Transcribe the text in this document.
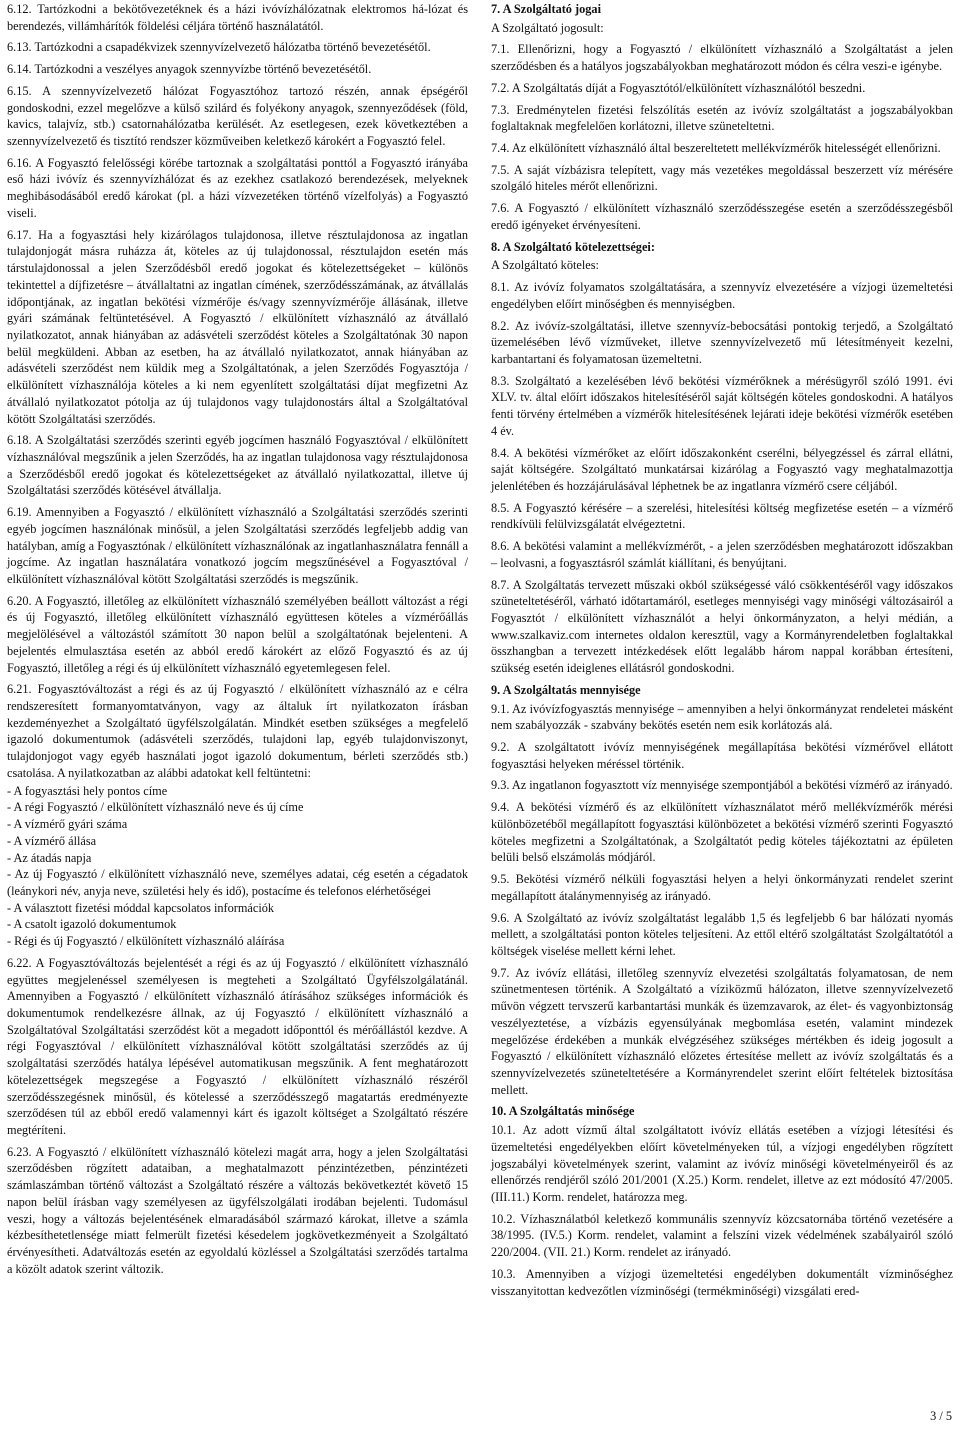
6.12. Tartózkodni a bekötővezetéknek és a házi ivóvízhálózatnak elektromos há-lózat és berendezés, villámhárítók földelési céljára történő használatától.

6.13. Tartózkodni a csapadékvizek szennyvízelvezető hálózatba történő bevezetésétől.

6.14. Tartózkodni a veszélyes anyagok szennyvízbe történő bevezetésétől.

6.15. A szennyvízelvezető hálózat Fogyasztóhoz tartozó részén, annak épségéről gondoskodni, ezzel megelőzve a külső szilárd és folyékony anyagok, szennyeződések (föld, kavics, talajvíz, stb.) csatornahálózatba kerülését. Az esetlegesen, ezek következtében a szennyvízelvezető és tisztító rendszer közműveiben keletkező károkért a Fogyasztó felel.

6.16. A Fogyasztó felelősségi körébe tartoznak a szolgáltatási ponttól a Fogyasztó irányába eső házi ivóvíz és szennyvízhálózat és az ezekhez csatlakozó berendezések, melyeknek meghibásodásából eredő károkat (pl. a házi vízvezetéken történő vízelfolyás) a Fogyasztó viseli.

6.17. Ha a fogyasztási hely kizárólagos tulajdonosa, illetve résztulajdonosa az ingatlan tulajdonjogát másra ruházza át, köteles az új tulajdonossal, résztulajdon esetén más társtulajdonossal a jelen Szerződésből eredő jogokat és kötelezettségeket – különös tekintettel a díjfizetésre – átvállaltatni az ingatlan címének, szerződésszámának, az átvállalás időpontjának, az ingatlan bekötési vízmérője és/vagy szennyvízmérője állásának, illetve gyári számának feltüntetésével. A Fogyasztó / elkülönített vízhasználó az átvállaló nyilatkozatot, annak hiányában az adásvételi szerződést köteles a Szolgáltatónak 30 napon belül megküldeni. Abban az esetben, ha az átvállaló nyilatkozatot, annak hiányában az adásvételi szerződést nem küldik meg a Szolgáltatónak, a jelen Szerződés Fogyasztója / elkülönített vízhasználója köteles a ki nem egyenlített szolgáltatási díjat megfizetni Az átvállaló nyilatkozatot pótolja az új tulajdonos vagy tulajdonostárs által a Szolgáltatóval kötött Szolgáltatási szerződés.

6.18. A Szolgáltatási szerződés szerinti egyéb jogcímen használó Fogyasztóval / elkülönített vízhasználóval megszűnik a jelen Szerződés, ha az ingatlan tulajdonosa vagy résztulajdonosa a Szerződésből eredő jogokat és kötelezettségeket az átvállaló nyilatkozattal, illetve új Szolgáltatási szerződés kötésével átvállalja.

6.19. Amennyiben a Fogyasztó / elkülönített vízhasználó a Szolgáltatási szerződés szerinti egyéb jogcímen használónak minősül, a jelen Szolgáltatási szerződés legfeljebb addig van hatályban, amíg a Fogyasztónak / elkülönített vízhasználónak az ingatlanhasználatra fennáll a jogcíme. Az ingatlan használatára vonatkozó jogcím megszűnésével a Fogyasztóval / elkülönített vízhasználóval kötött Szolgáltatási szerződés is megszűnik.

6.20. A Fogyasztó, illetőleg az elkülönített vízhasználó személyében beállott változást a régi és új Fogyasztó, illetőleg elkülönített vízhasználó együttesen köteles a vízmérőállás megjelölésével a változástól számított 30 napon belül a szolgáltatónak bejelenteni. A bejelentés elmulasztása esetén az abból eredő károkért az előző Fogyasztó és az új Fogyasztó, illetőleg a régi és új elkülönített vízhasználó egyetemlegesen felel.

6.21. Fogyasztóváltozást a régi és az új Fogyasztó / elkülönített vízhasználó az e célra rendszeresített formanyomtatványon, vagy az általuk írt nyilatkozaton írásban kezdeményezhet a Szolgáltató ügyfélszolgálatán. Mindkét esetben szükséges a megfelelő igazoló dokumentumok (adásvételi szerződés, tulajdoni lap, egyéb tulajdonviszonyt, tulajdonjogot vagy egyéb használati jogot igazoló dokumentum, bérleti szerződés stb.) csatolása. A nyilatkozatban az alábbi adatokat kell feltüntetni:

- A fogyasztási hely pontos címe
- A régi Fogyasztó / elkülönített vízhasználó neve és új címe
- A vízmérő gyári száma
- A vízmérő állása
- Az átadás napja
- Az új Fogyasztó / elkülönített vízhasználó neve, személyes adatai, cég esetén a cégadatok (leánykori név, anyja neve, születési hely és idő), postacíme és telefonos elérhetőségei
- A választott fizetési móddal kapcsolatos információk
- A csatolt igazoló dokumentumok
- Régi és új Fogyasztó / elkülönített vízhasználó aláírása

6.22. A Fogyasztóváltozás bejelentését a régi és az új Fogyasztó / elkülönített vízhasználó együttes megjelenéssel személyesen is megteheti a Szolgáltató Ügyfélszolgálatánál. Amennyiben a Fogyasztó / elkülönített vízhasználó átírásához szükséges információk és dokumentumok rendelkezésre állnak, az új Fogyasztó / elkülönített vízhasználó a Szolgáltatóval Szolgáltatási szerződést köt a megadott időponttól és mérőállástól kezdve. A régi Fogyasztóval / elkülönített vízhasználóval kötött szolgáltatási szerződés az új szolgáltatási szerződés hatálya lépésével automatikusan megszűnik. A fent meghatározott kötelezettségek megszegése a Fogyasztó / elkülönített vízhasználó részéről szerződésszegésnek minősül, és kötelessé a szerződésszegő magatartás eredményezte szerződésen túl az ebből eredő valamennyi kárt és igazolt költséget a Szolgáltató részére megtéríteni.

6.23. A Fogyasztó / elkülönített vízhasználó kötelezi magát arra, hogy a jelen Szolgáltatási szerződésben rögzített adataiban, a meghatalmazott pénzintézetben, pénzintézeti számlaszámban történő változást a Szolgáltató részére a változás bekövetkeztét követő 15 napon belül írásban vagy személyesen az ügyfélszolgálati irodában bejelenti. Tudomásul veszi, hogy a változás bejelentésének elmaradásából származó károkat, illetve a számla kézbesíthetetlensége miatt felmerült fizetési késedelem jogkövetkezményeit a Szolgáltató érvényesítheti. Adatváltozás esetén az egyoldalú közléssel a Szolgáltatási szerződés tartalma a közölt adatok szerint változik.

7. A Szolgáltató jogai

A Szolgáltató jogosult:

7.1. Ellenőrizni, hogy a Fogyasztó / elkülönített vízhasználó a Szolgáltatást a jelen szerződésben és a hatályos jogszabályokban meghatározott módon és célra veszi-e igénybe.

7.2. A Szolgáltatás díját a Fogyasztótól/elkülönített vízhasználótól beszedni.

7.3. Eredménytelen fizetési felszólítás esetén az ivóvíz szolgáltatást a jogszabályokban foglaltaknak megfelelően korlátozni, illetve szüneteltetni.

7.4. Az elkülönített vízhasználó által beszereltetett mellékvízmérők hitelességét ellenőrizni.

7.5. A saját vízbázisra telepített, vagy más vezetékes megoldással beszerzett víz mérésére szolgáló hiteles mérőt ellenőrizni.

7.6. A Fogyasztó / elkülönített vízhasználó szerződésszegése esetén a szerződésszegésből eredő igényeket érvényesíteni.

8. A Szolgáltató kötelezettségei:

A Szolgáltató köteles:

8.1. Az ivóvíz folyamatos szolgáltatására, a szennyvíz elvezetésére a vízjogi üzemeltetési engedélyben előírt minőségben és mennyiségben.

8.2. Az ivóvíz-szolgáltatási, illetve szennyvíz-bebocsátási pontokig terjedő, a Szolgáltató üzemelésében lévő vízműveket, illetve szennyvízelvezető mű létesítményeit kezelni, karbantartani és folyamatosan üzemeltetni.

8.3. Szolgáltató a kezelésében lévő bekötési vízmérőknek a mérésügyről szóló 1991. évi XLV. tv. által előírt időszakos hitelesítéséről saját költségén köteles gondoskodni. A hatályos fenti törvény értelmében a vízmérők hitelesítésének lejárati ideje bekötési vízmérők esetében 4 év.

8.4. A bekötési vízmérőket az előírt időszakonként cserélni, bélyegzéssel és zárral ellátni, saját költségére. Szolgáltató munkatársai kizárólag a Fogyasztó vagy meghatalmazottja jelenlétében és hozzájárulásával léphetnek be az ingatlanra vízmérő csere céljából.

8.5. A Fogyasztó kérésére – a szerelési, hitelesítési költség megfizetése esetén – a vízmérő rendkívüli felülvizsgálatát elvégeztetni.

8.6. A bekötési valamint a mellékvízmérőt, - a jelen szerződésben meghatározott időszakban – leolvasni, a fogyasztásról számlát kiállítani, és benyújtani.

8.7. A Szolgáltatás tervezett műszaki okból szükségessé váló csökkentéséről vagy időszakos szüneteltetéséről, várható időtartamáról, esetleges mennyiségi vagy minőségi változásairól a Fogyasztót / elkülönített vízhasználót a helyi önkormányzaton, a helyi médián, a www.szalkaviz.com internetes oldalon keresztül, vagy a Kormányrendeletben foglaltakkal összhangban a tervezett intézkedések előtt legalább három nappal korábban értesíteni, szükség esetén ideiglenes ellátásról gondoskodni.

9. A Szolgáltatás mennyisége

9.1. Az ivóvízfogyasztás mennyisége – amennyiben a helyi önkormányzat rendeletei másként nem szabályozzák - szabvány bekötés esetén nem esik korlátozás alá.

9.2. A szolgáltatott ivóvíz mennyiségének megállapítása bekötési vízmérővel ellátott fogyasztási helyeken méréssel történik.

9.3. Az ingatlanon fogyasztott víz mennyisége szempontjából a bekötési vízmérő az irányadó.

9.4. A bekötési vízmérő és az elkülönített vízhasználatot mérő mellékvízmérők mérési különbözetéből megállapított fogyasztási különbözetet a bekötési vízmérő szerinti Fogyasztó köteles megfizetni a Szolgáltatónak, a Szolgáltatót pedig köteles tájékoztatni az épületen belüli belső elszámolás módjáról.

9.5. Bekötési vízmérő nélküli fogyasztási helyen a helyi önkormányzati rendelet szerint megállapított átalánymennyiség az irányadó.

9.6. A Szolgáltató az ivóvíz szolgáltatást legalább 1,5 és legfeljebb 6 bar hálózati nyomás mellett, a szolgáltatási ponton köteles teljesíteni. Az ettől eltérő szolgáltatást Szolgáltatótól a költségek viselése mellett kérni lehet.

9.7. Az ivóvíz ellátási, illetőleg szennyvíz elvezetési szolgáltatás folyamatosan, de nem szünetmentesen történik. A Szolgáltató a víziközmű hálózaton, illetve szennyvízelvezető művön végzett tervszerű karbantartási munkák és üzemzavarok, az élet- és vagyonbiztonság veszélyeztetése, a vízbázis egyensúlyának megbomlása esetén, valamint mindezek megelőzése érdekében a munkák elvégzéséhez szükséges mértékben és ideig jogosult a Fogyasztó / elkülönített vízhasználó előzetes értesítése mellett az ivóvíz szolgáltatás és a szennyvízelvezetés szüneteltetésére a Kormányrendelet szerint előírt feltételek biztosítása mellett.

10. A Szolgáltatás minősége

10.1. Az adott vízmű által szolgáltatott ivóvíz ellátás esetében a vízjogi létesítési és üzemeltetési engedélyekben előírt követelményeken túl, a vízjogi engedélyben rögzített jogszabályi követelmények szerint, valamint az ivóvíz minőségi követelményeiről és az ellenőrzés rendjéről szóló 201/2001 (X.25.) Korm. rendelet, illetve az ezt módosító 47/2005.(III.11.) Korm. rendelet, határozza meg.

10.2. Vízhasználatból keletkező kommunális szennyvíz közcsatornába történő vezetésére a 38/1995. (IV.5.) Korm. rendelet, valamint a felszíni vizek védelmének szabályairól szóló 220/2004. (VII. 21.) Korm. rendelet az irányadó.

10.3. Amennyiben a vízjogi üzemeltetési engedélyben dokumentált vízminőséghez visszanyitottan kedvezőtlen vízminőségi (termékminőségi) vizsgálati ered-

3 / 5
